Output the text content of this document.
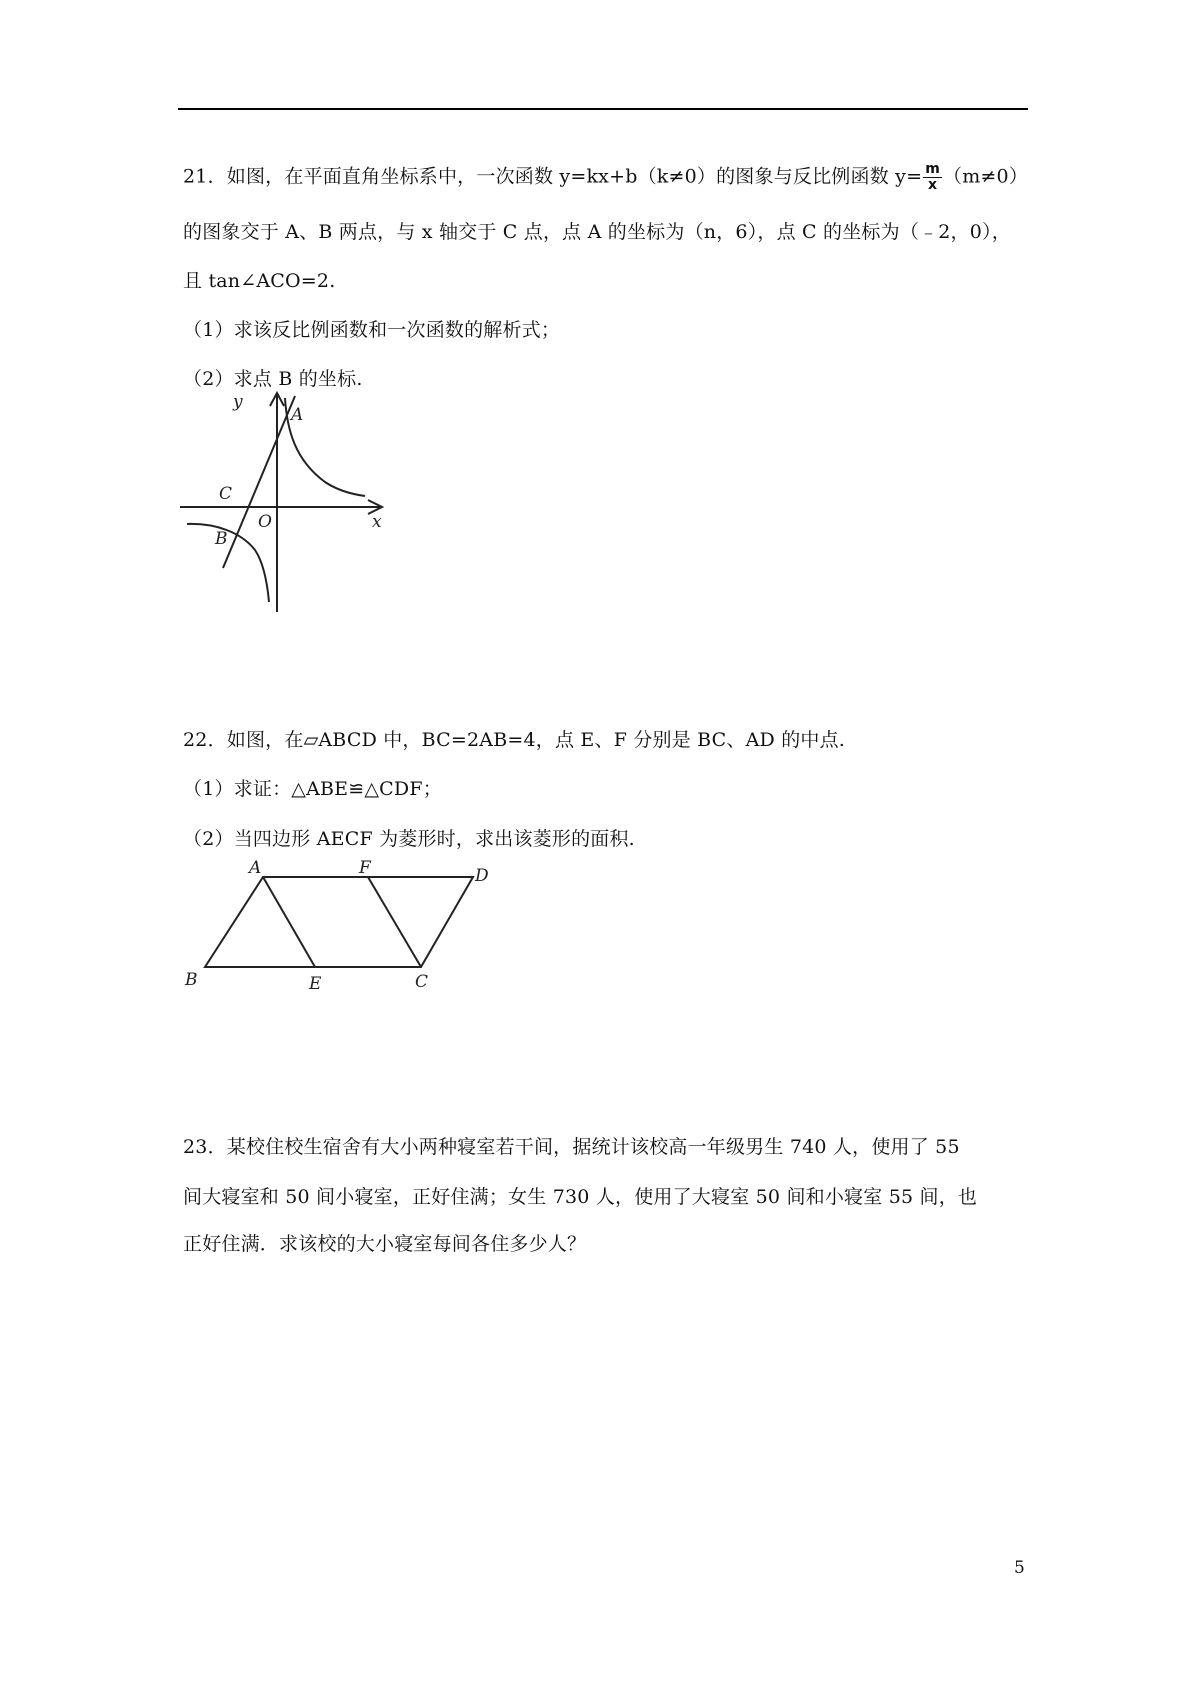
21．如图，在平面直角坐标系中，一次函数 y=kx+b（k≠0）的图象与反比例函数 $y= \frac{m}{x} (m\ne 0)$
的图象交于 A、B 两点，与 x 轴交于 C 点，点 A 的坐标为（n，6），点 C 的坐标为（﹣2，0），
且 tan∠ACO=2.
（1）求该反比例函数和一次函数的解析式；
（2）求点 B 的坐标.
y
A
C
O	x
B
22．如图，在▱ABCD 中，BC=2AB=4，点 E、F 分别是 BC、AD 的中点.
（1）求证：△ABE≌△CDF；
（2）当四边形 AECF 为菱形时，求出该菱形的面积.
A	F	D
B	E	C
23．某校住校生宿舍有大小两种寝室若干间，据统计该校高一年级男生 740 人，使用了 55
间大寝室和 50 间小寝室，正好住满；女生 730 人，使用了大寝室 50 间和小寝室 55 间，也
正好住满．求该校的大小寝室每间各住多少人？
5
